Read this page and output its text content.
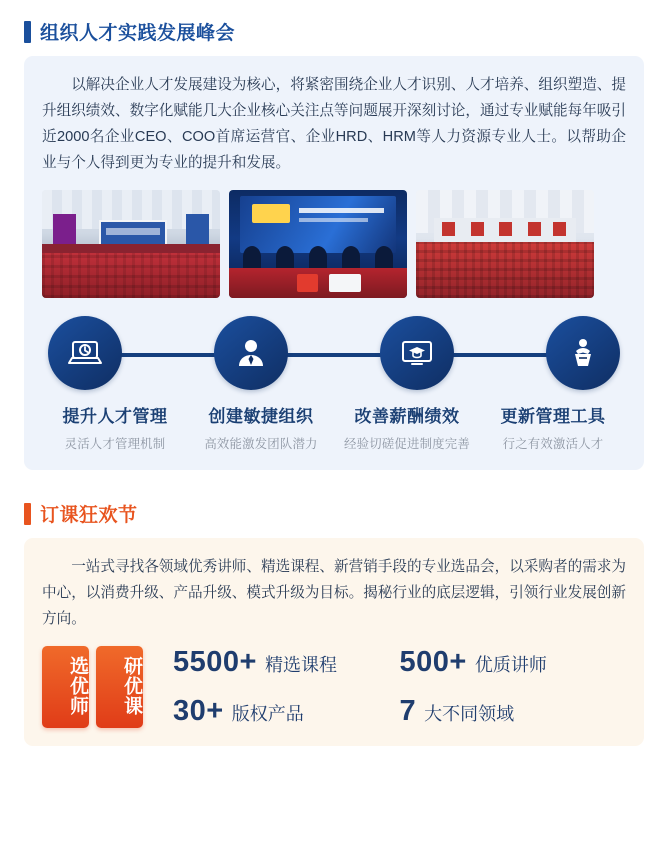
组织人才实践发展峰会

以解决企业人才发展建设为核心，将紧密围绕企业人才识别、人才培养、组织塑造、提升组织绩效、数字化赋能几大企业核心关注点等问题展开深刻讨论，通过专业赋能每年吸引近2000名企业CEO、COO首席运营官、企业HRD、HRM等人力资源专业人士。以帮助企业与个人得到更为专业的提升和发展。

提升人才管理
灵活人才管理机制
创建敏捷组织
高效能激发团队潜力
改善薪酬绩效
经验切磋促进制度完善
更新管理工具
行之有效激活人才
订课狂欢节

一站式寻找各领域优秀讲师、精选课程、新营销手段的专业选品会，以采购者的需求为中心，以消费升级、产品升级、模式升级为目标。揭秘行业的底层逻辑，引领行业发展创新方向。

选优师	研优课 5500+ 精选课程 500+ 优质讲师
30+ 版权产品	7 大不同领域
